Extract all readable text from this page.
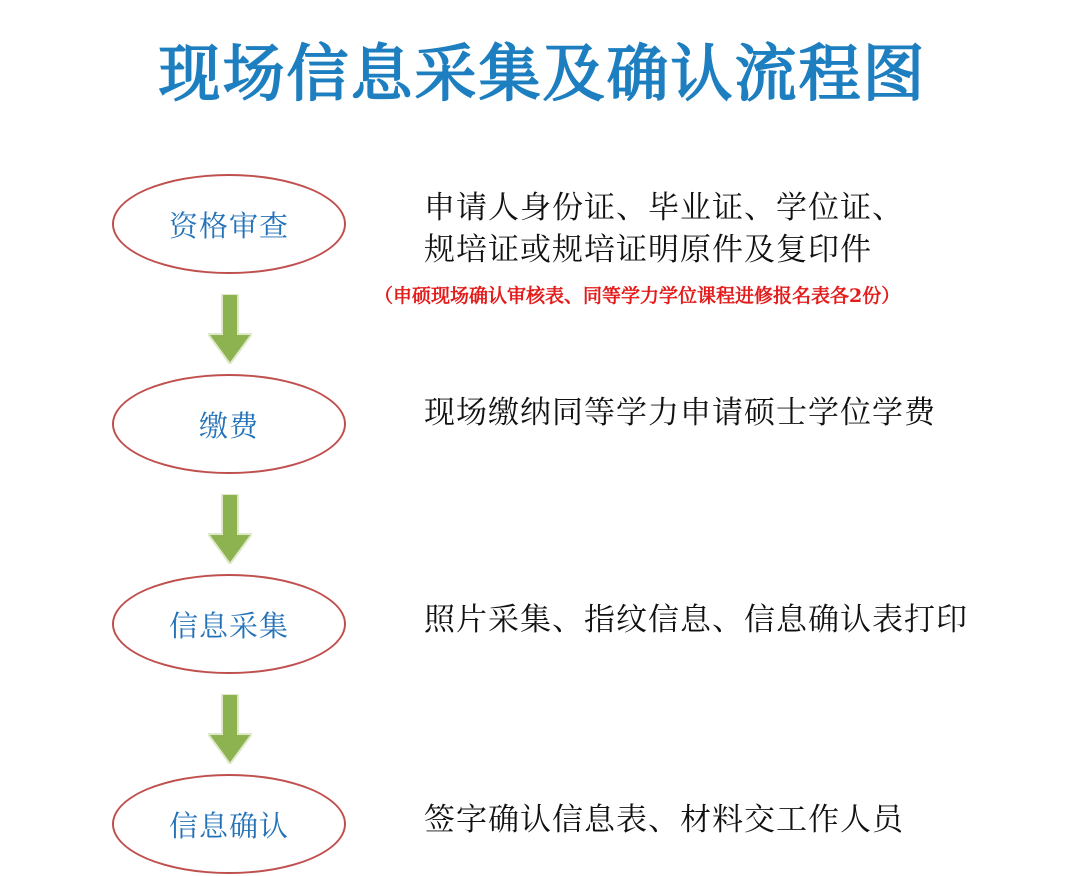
现场信息采集及确认流程图
资格审查	申请人身份证、毕业证、学位证、
规培证或规培证明原件及复印件
（申硕现场确认审核表、同等学力学位课程进修报名表各2份）
缴费	现场缴纳同等学力申请硕士学位学费
信息采集	照片采集、指纹信息、信息确认表打印
信息确认	签字确认信息表、材料交工作人员
